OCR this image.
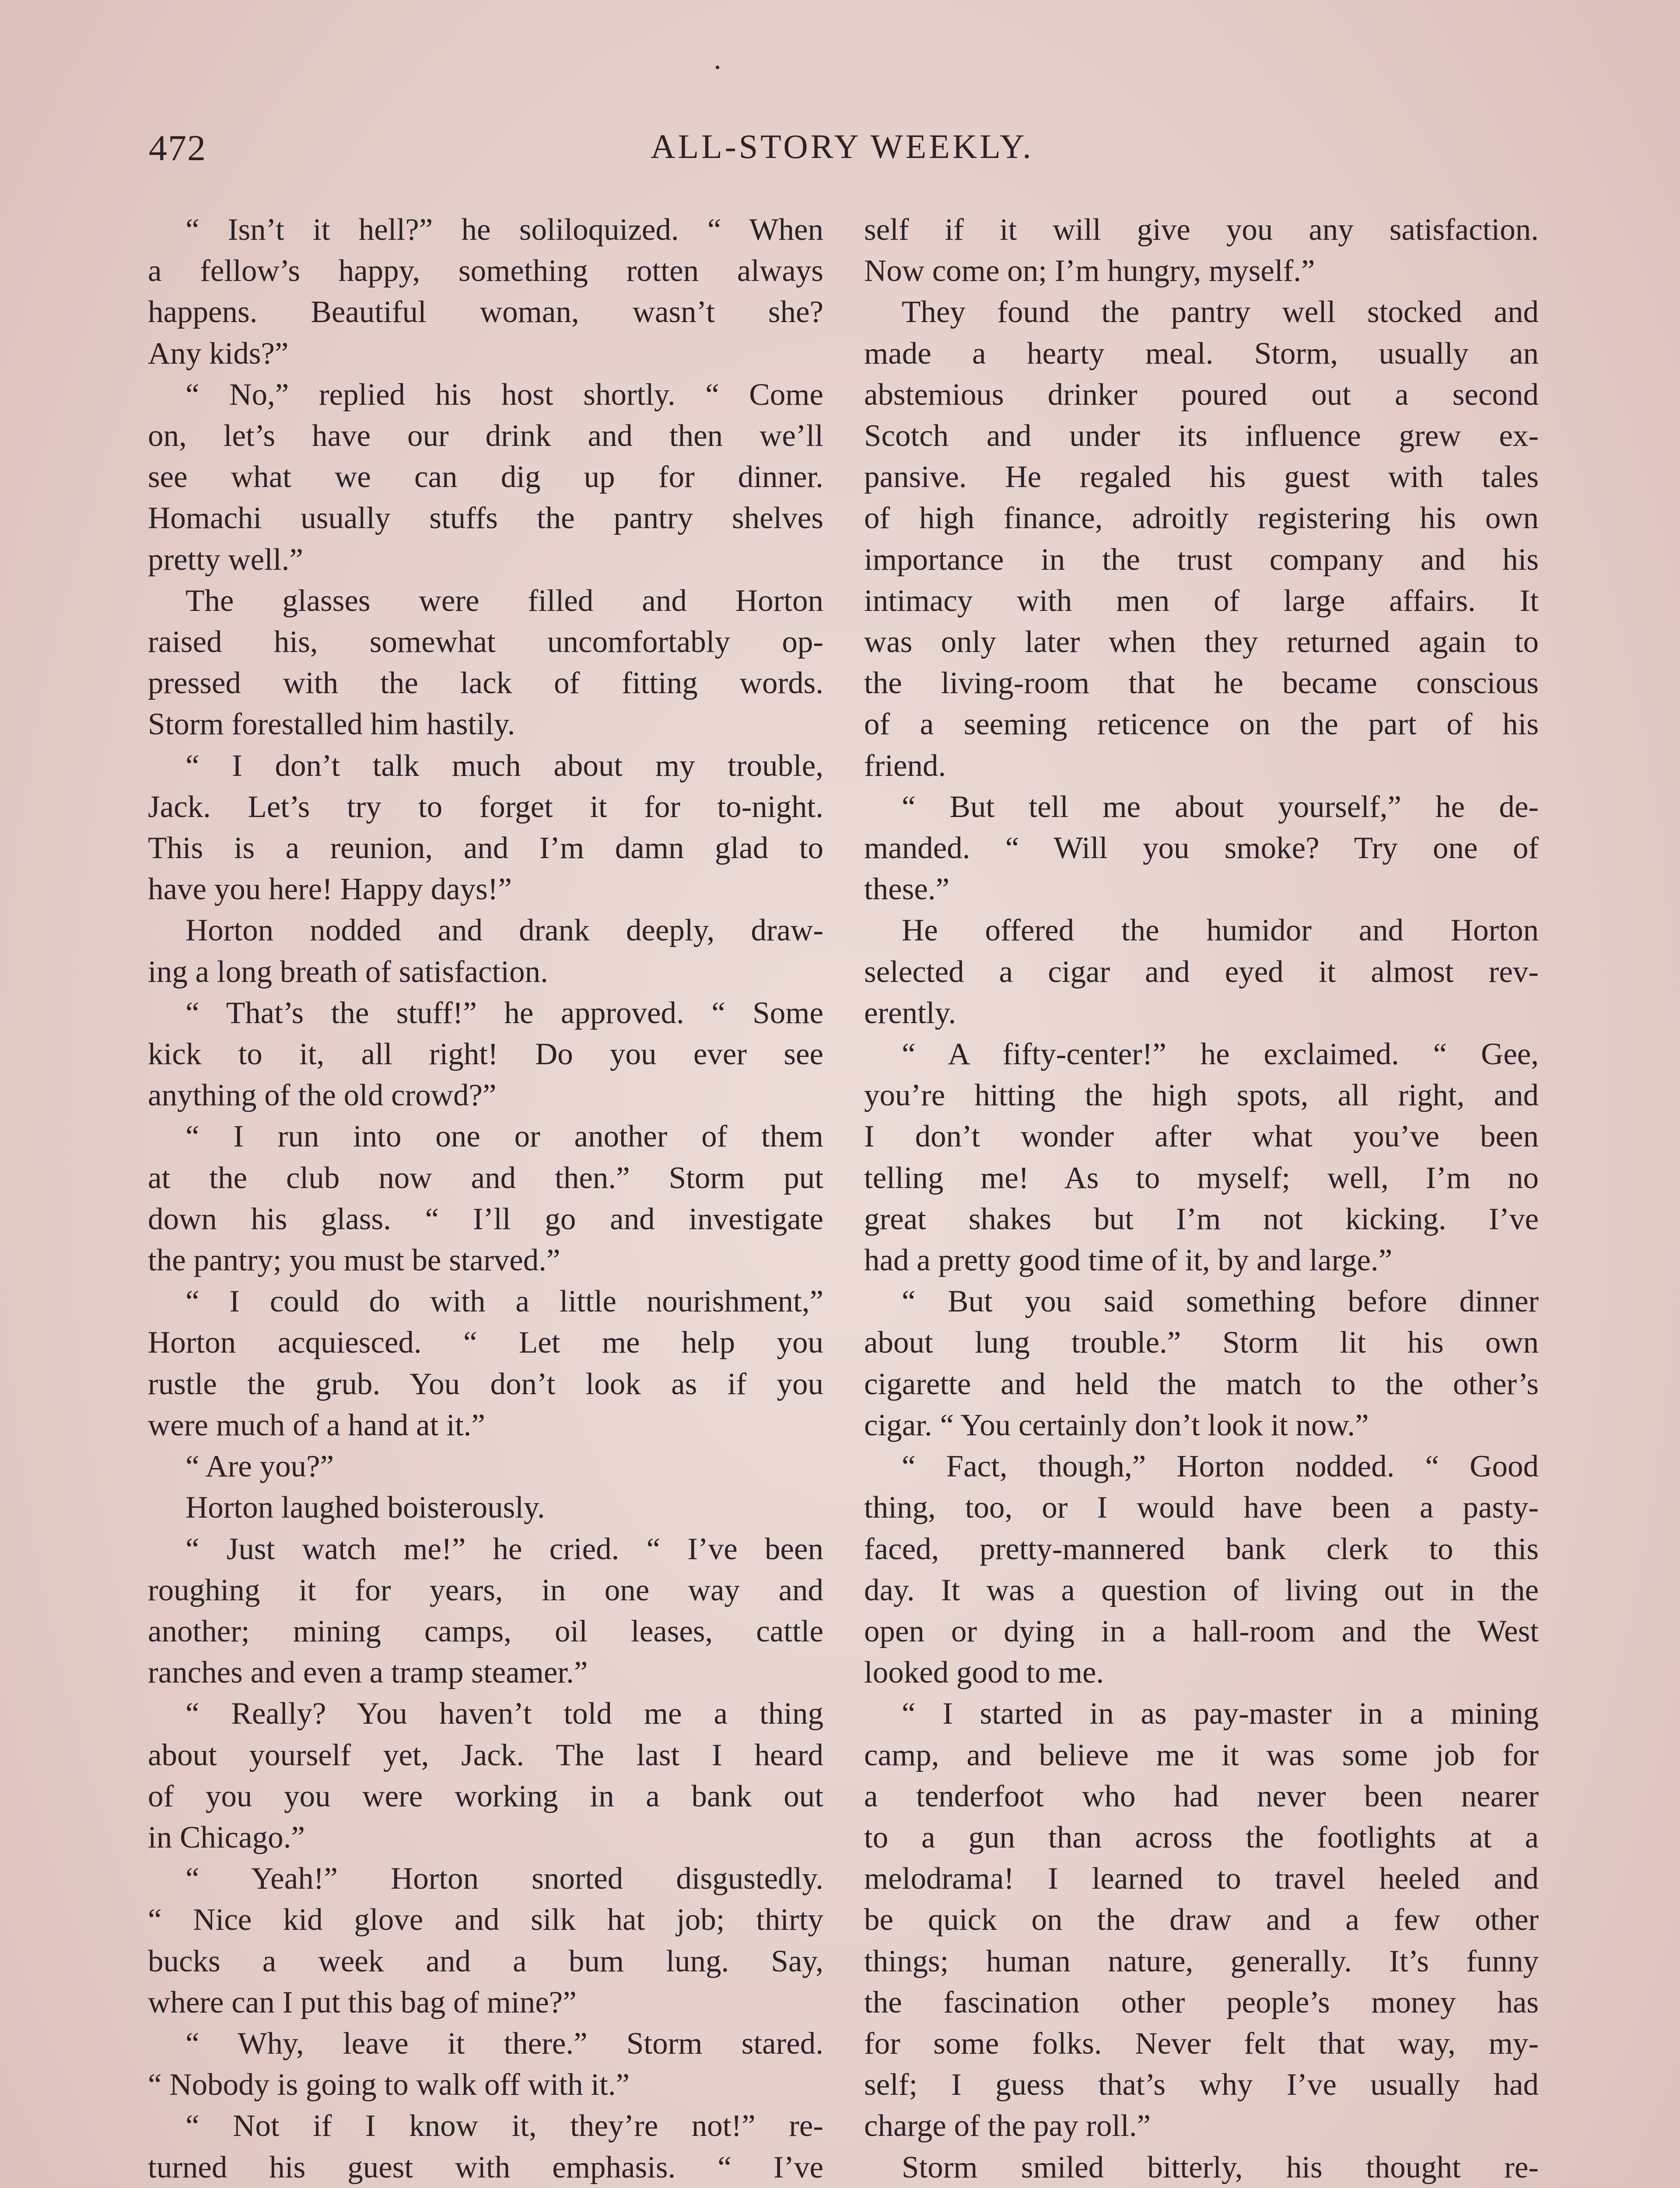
472	ALL-STORY WEEKLY.
“ Isn’t it hell?” he soliloquized. “ When
a fellow’s happy, something rotten always
happens. Beautiful woman, wasn’t she?
Any kids?”
“ No,” replied his host shortly. “ Come
on, let’s have our drink and then we’ll
see what we can dig up for dinner.
Homachi usually stuffs the pantry shelves
pretty well.”
The glasses were filled and Horton
raised his, somewhat uncomfortably op-
pressed with the lack of fitting words.
Storm forestalled him hastily.
“ I don’t talk much about my trouble,
Jack. Let’s try to forget it for to-night.
This is a reunion, and I’m damn glad to
have you here! Happy days!”
Horton nodded and drank deeply, draw-
ing a long breath of satisfaction.
“ That’s the stuff!” he approved. “ Some
kick to it, all right! Do you ever see
anything of the old crowd?”
“ I run into one or another of them
at the club now and then.” Storm put
down his glass. “ I’ll go and investigate
the pantry; you must be starved.”
“ I could do with a little nourishment,”
Horton acquiesced. “ Let me help you
rustle the grub. You don’t look as if you
were much of a hand at it.”
“ Are you?”
Horton laughed boisterously.
“ Just watch me!” he cried. “ I’ve been
roughing it for years, in one way and
another; mining camps, oil leases, cattle
ranches and even a tramp steamer.”
“ Really? You haven’t told me a thing
about yourself yet, Jack. The last I heard
of you you were working in a bank out
in Chicago.”
“ Yeah!” Horton snorted disgustedly.
“ Nice kid glove and silk hat job; thirty
bucks a week and a bum lung. Say,
where can I put this bag of mine?”
“ Why, leave it there.” Storm stared.
“ Nobody is going to walk off with it.”
“ Not if I know it, they’re not!” re-
turned his guest with emphasis. “ I’ve
self if it will give you any satisfaction.
Now come on; I’m hungry, myself.”
They found the pantry well stocked and
made a hearty meal. Storm, usually an
abstemious drinker poured out a second
Scotch and under its influence grew ex-
pansive. He regaled his guest with tales
of high finance, adroitly registering his own
importance in the trust company and his
intimacy with men of large affairs. It
was only later when they returned again to
the living-room that he became conscious
of a seeming reticence on the part of his
friend.
“ But tell me about yourself,” he de-
manded. “ Will you smoke? Try one of
these.”
He offered the humidor and Horton
selected a cigar and eyed it almost rev-
erently.
“ A fifty-center!” he exclaimed. “ Gee,
you’re hitting the high spots, all right, and
I don’t wonder after what you’ve been
telling me! As to myself; well, I’m no
great shakes but I’m not kicking. I’ve
had a pretty good time of it, by and large.”
“ But you said something before dinner
about lung trouble.” Storm lit his own
cigarette and held the match to the other’s
cigar. “ You certainly don’t look it now.”
“ Fact, though,” Horton nodded. “ Good
thing, too, or I would have been a pasty-
faced, pretty-mannered bank clerk to this
day. It was a question of living out in the
open or dying in a hall-room and the West
looked good to me.
“ I started in as pay-master in a mining
camp, and believe me it was some job for
a tenderfoot who had never been nearer
to a gun than across the footlights at a
melodrama! I learned to travel heeled and
be quick on the draw and a few other
things; human nature, generally. It’s funny
the fascination other people’s money has
for some folks. Never felt that way, my-
self; I guess that’s why I’ve usually had
charge of the pay roll.”
Storm smiled bitterly, his thought re-
